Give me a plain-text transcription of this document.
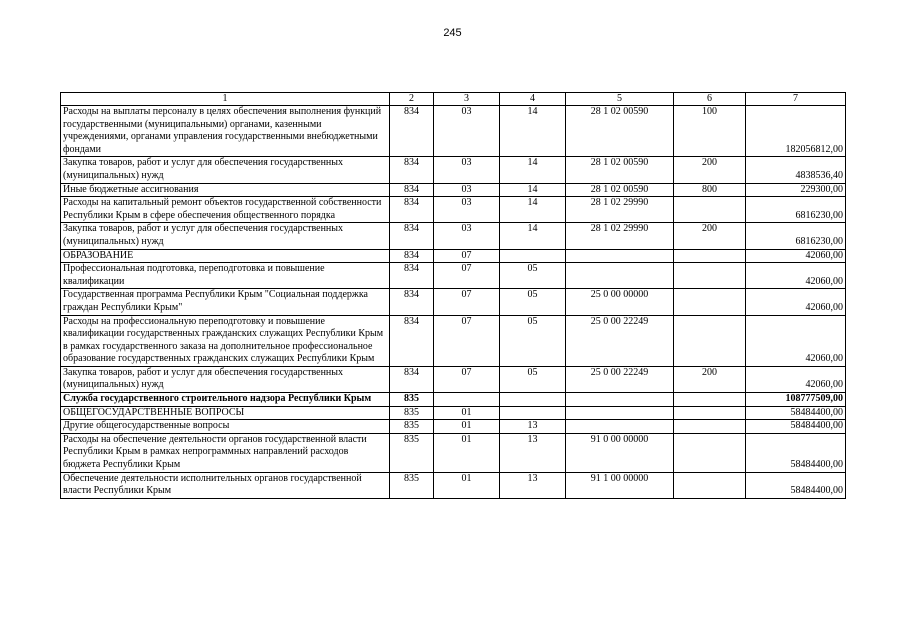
245
1	2	3	4	5	6	7
Расходы на выплаты персоналу в целях обеспечения выполнения функций государственными (муниципальными) органами, казенными учреждениями, органами управления государственными внебюджетными фондами	834	03	14	28 1 02 00590	100	182056812,00
Закупка товаров, работ и услуг для обеспечения государственных (муниципальных) нужд	834	03	14	28 1 02 00590	200	4838536,40
Иные бюджетные ассигнования	834	03	14	28 1 02 00590	800	229300,00
Расходы на капитальный ремонт объектов государственной собственности Республики Крым в сфере обеспечения общественного порядка	834	03	14	28 1 02 29990		6816230,00
Закупка товаров, работ и услуг для обеспечения государственных (муниципальных) нужд	834	03	14	28 1 02 29990	200	6816230,00
ОБРАЗОВАНИЕ	834	07				42060,00
Профессиональная подготовка, переподготовка и повышение квалификации	834	07	05			42060,00
Государственная программа Республики Крым "Социальная поддержка граждан Республики Крым"	834	07	05	25 0 00 00000		42060,00
Расходы на профессиональную переподготовку и повышение квалификации государственных гражданских служащих Республики Крым в рамках государственного заказа на дополнительное профессиональное образование государственных гражданских служащих Республики Крым	834	07	05	25 0 00 22249		42060,00
Закупка товаров, работ и услуг для обеспечения государственных (муниципальных) нужд	834	07	05	25 0 00 22249	200	42060,00
Служба государственного строительного надзора Республики Крым	835					108777509,00
ОБЩЕГОСУДАРСТВЕННЫЕ ВОПРОСЫ	835	01				58484400,00
Другие общегосударственные вопросы	835	01	13			58484400,00
Расходы на обеспечение деятельности органов государственной власти Республики Крым в рамках непрограммных направлений расходов бюджета Республики Крым	835	01	13	91 0 00 00000		58484400,00
Обеспечение деятельности исполнительных органов государственной власти Республики Крым	835	01	13	91 1 00 00000		58484400,00
